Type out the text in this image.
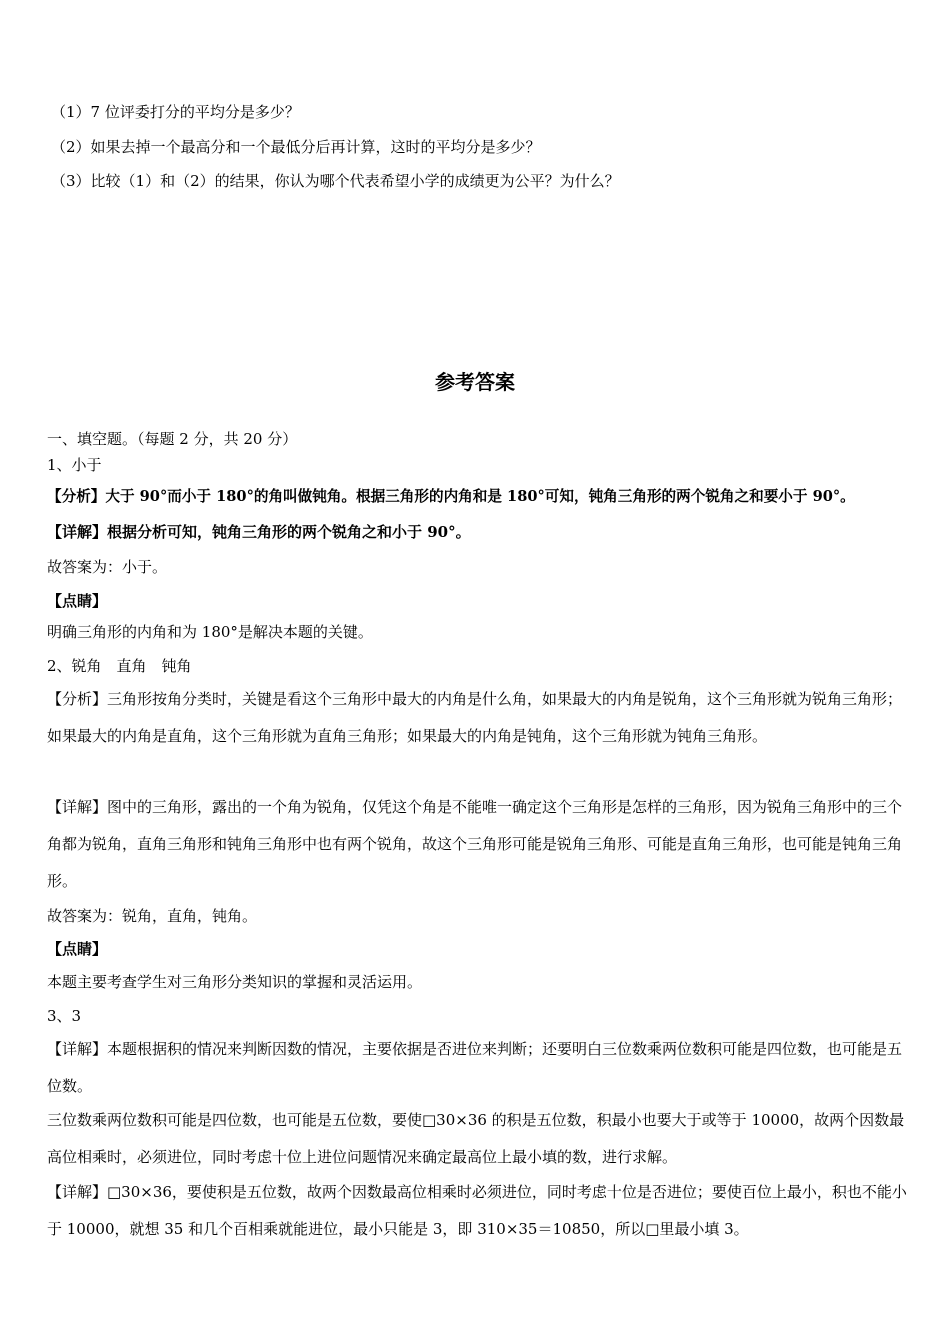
（1）7 位评委打分的平均分是多少？
（2）如果去掉一个最高分和一个最低分后再计算，这时的平均分是多少？
（3）比较（1）和（2）的结果，你认为哪个代表希望小学的成绩更为公平？为什么？
参考答案
一、填空题。（每题 2 分，共 20 分）
1、小于
【分析】大于 90°而小于 180°的角叫做钝角。根据三角形的内角和是 180°可知，钝角三角形的两个锐角之和要小于 90°。
【详解】根据分析可知，钝角三角形的两个锐角之和小于 90°。
故答案为：小于。
【点睛】
明确三角形的内角和为 180°是解决本题的关键。
2、锐角　直角　钝角
【分析】三角形按角分类时，关键是看这个三角形中最大的内角是什么角，如果最大的内角是锐角，这个三角形就为锐角三角形；如果最大的内角是直角，这个三角形就为直角三角形；如果最大的内角是钝角，这个三角形就为钝角三角形。
【详解】图中的三角形，露出的一个角为锐角，仅凭这个角是不能唯一确定这个三角形是怎样的三角形，因为锐角三角形中的三个角都为锐角，直角三角形和钝角三角形中也有两个锐角，故这个三角形可能是锐角三角形、可能是直角三角形，也可能是钝角三角形。
故答案为：锐角，直角，钝角。
【点睛】
本题主要考查学生对三角形分类知识的掌握和灵活运用。
3、3
【详解】本题根据积的情况来判断因数的情况，主要依据是否进位来判断；还要明白三位数乘两位数积可能是四位数，也可能是五位数。
三位数乘两位数积可能是四位数，也可能是五位数，要使□30×36 的积是五位数，积最小也要大于或等于 10000，故两个因数最高位相乘时，必须进位，同时考虑十位上进位问题情况来确定最高位上最小填的数，进行求解。
【详解】□30×36，要使积是五位数，故两个因数最高位相乘时必须进位，同时考虑十位是否进位；要使百位上最小，积也不能小于 10000，就想 35 和几个百相乘就能进位，最小只能是 3，即 310×35＝10850，所以□里最小填 3。
